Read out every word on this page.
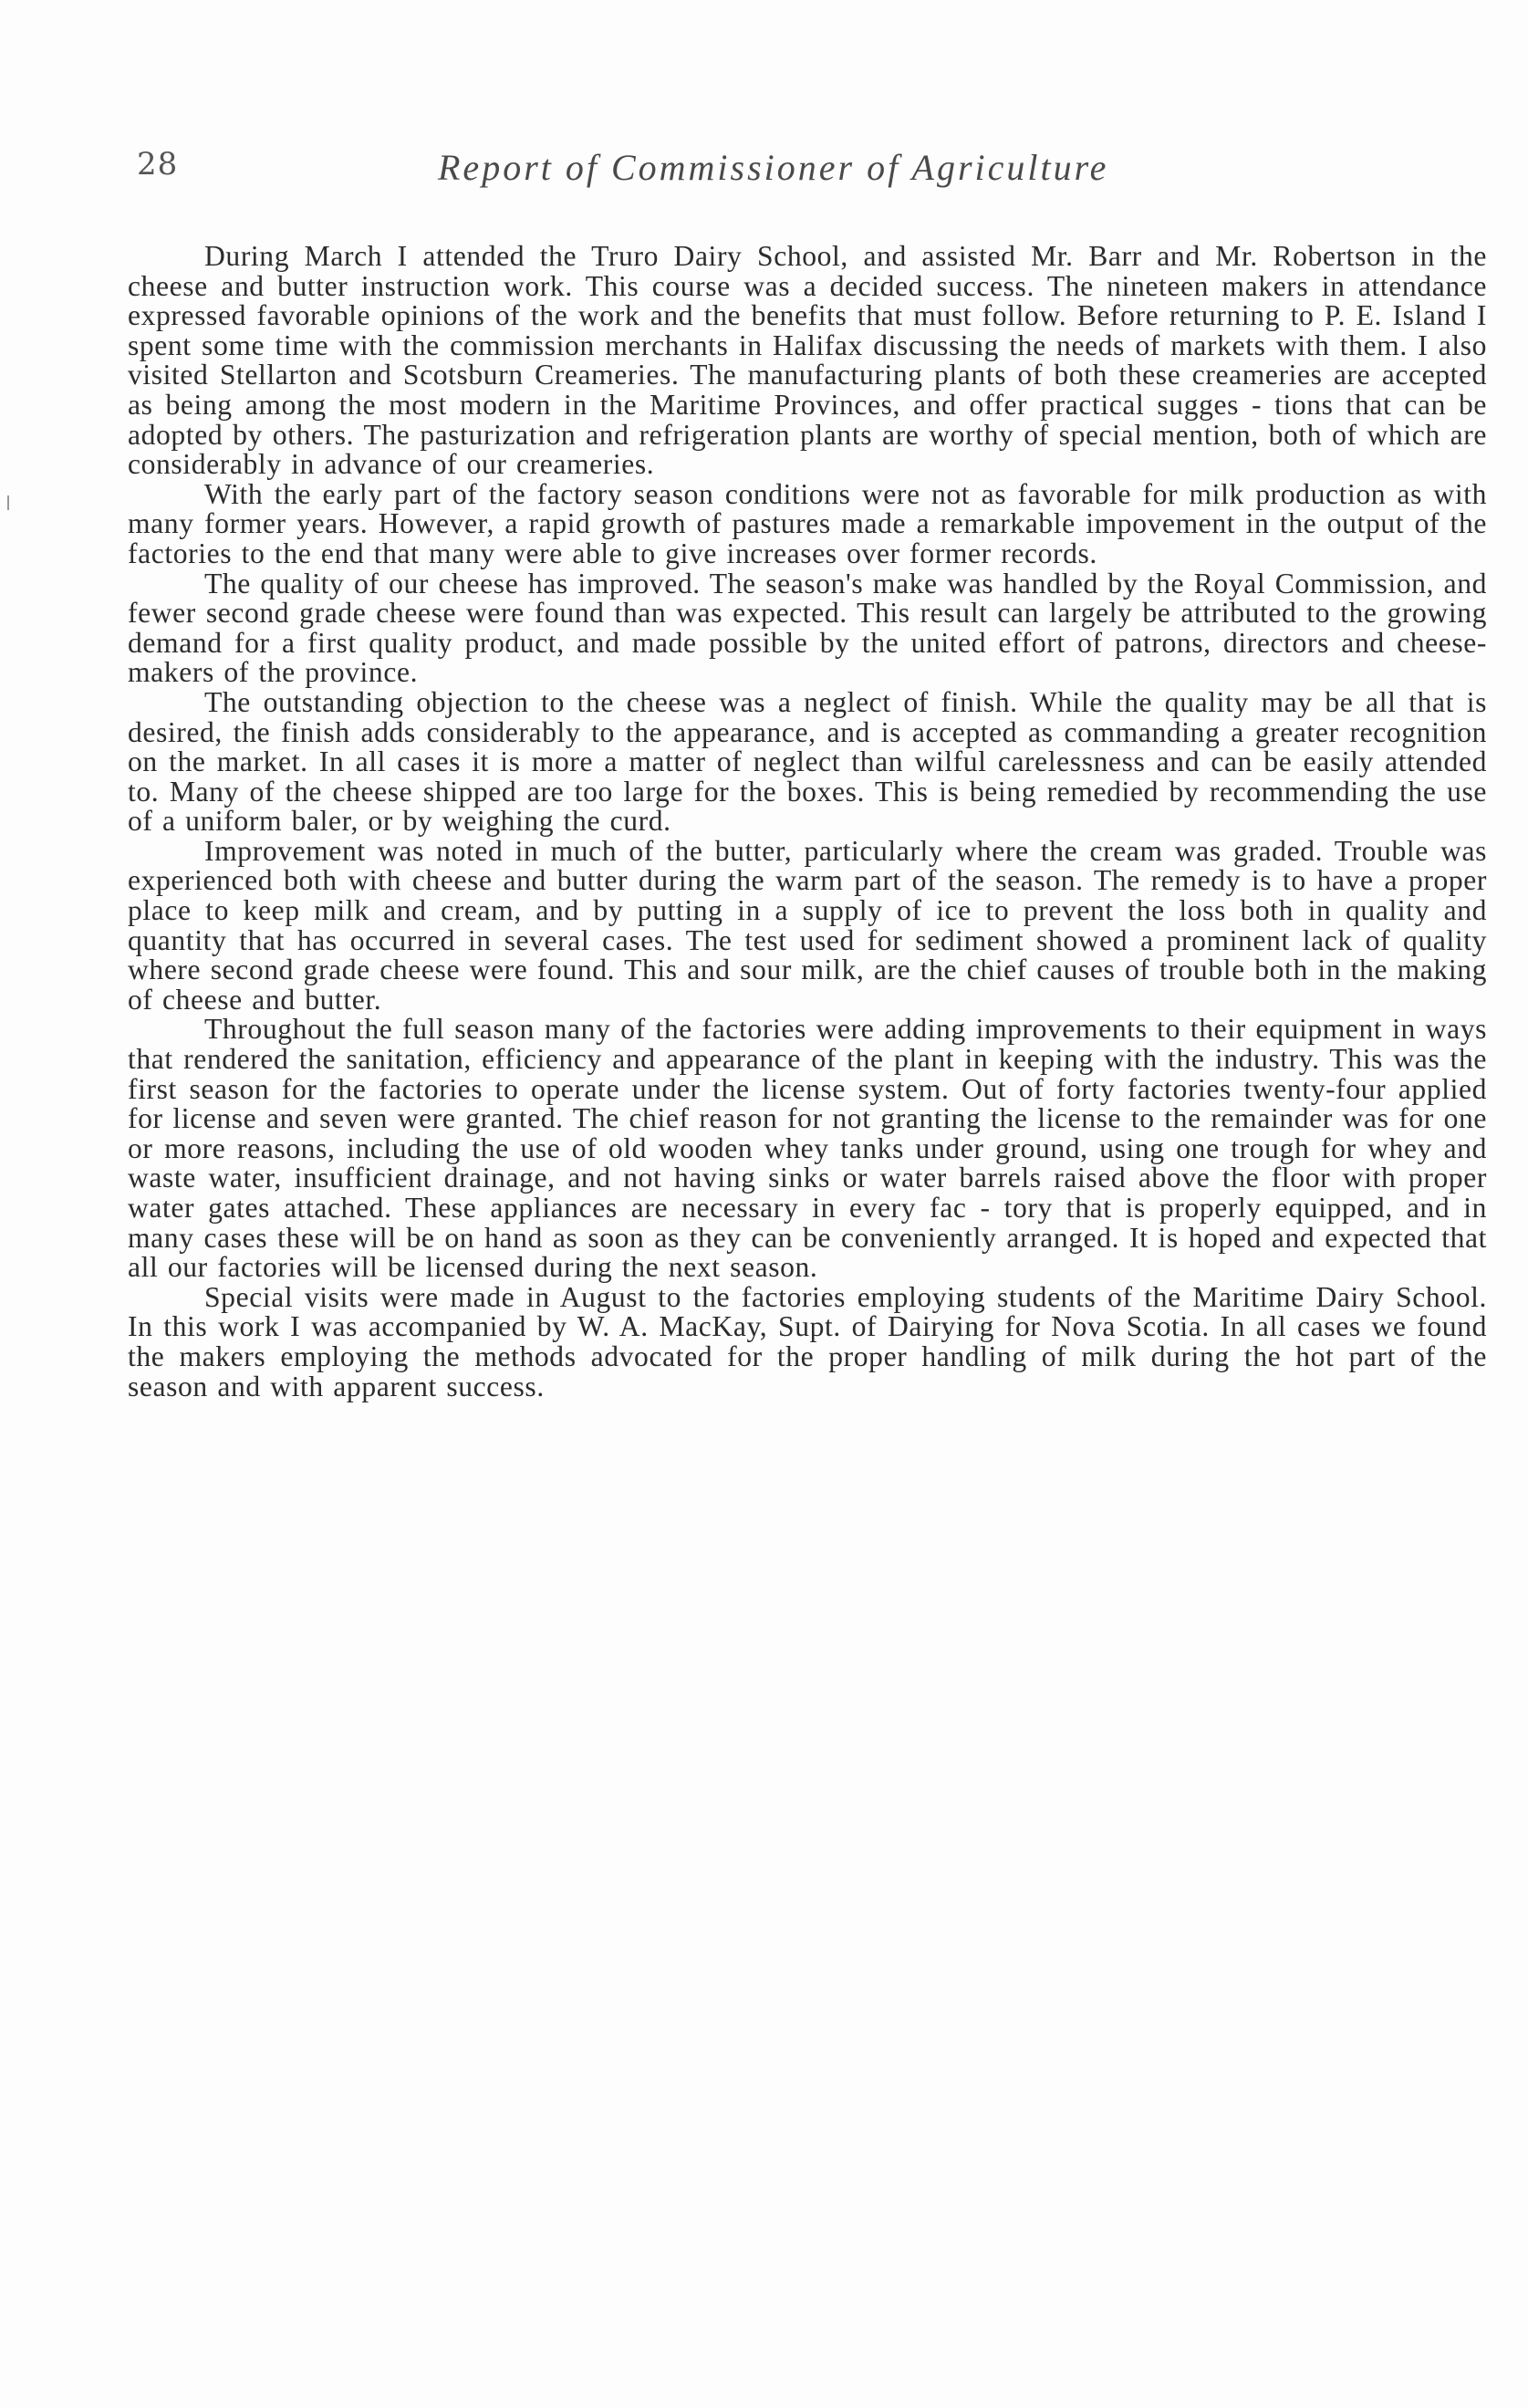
28	Report of Commissioner of Agriculture

During March I attended the Truro Dairy School, and assisted Mr. Barr and Mr. Robertson in the cheese and butter instruction work. This course was a decided success. The nineteen makers in attendance expressed favorable opinions of the work and the benefits that must follow. Before returning to P. E. Island I spent some time with the commission merchants in Halifax discussing the needs of markets with them. I also visited Stellarton and Scotsburn Creameries. The manufacturing plants of both these creameries are accepted as being among the most modern in the Maritime Provinces, and offer practical sugges - tions that can be adopted by others. The pasturization and refrigeration plants are worthy of special mention, both of which are considerably in advance of our creameries.

With the early part of the factory season conditions were not as favorable for milk production as with many former years. However, a rapid growth of pastures made a remarkable impovement in the output of the factories to the end that many were able to give increases over former records.

The quality of our cheese has improved. The season's make was handled by the Royal Commission, and fewer second grade cheese were found than was expected. This result can largely be attributed to the growing demand for a first quality product, and made possible by the united effort of patrons, directors and cheese-makers of the province.

The outstanding objection to the cheese was a neglect of finish. While the quality may be all that is desired, the finish adds considerably to the appearance, and is accepted as commanding a greater recognition on the market. In all cases it is more a matter of neglect than wilful carelessness and can be easily attended to. Many of the cheese shipped are too large for the boxes. This is being remedied by recommending the use of a uniform baler, or by weighing the curd.

Improvement was noted in much of the butter, particularly where the cream was graded. Trouble was experienced both with cheese and butter during the warm part of the season. The remedy is to have a proper place to keep milk and cream, and by putting in a supply of ice to prevent the loss both in quality and quantity that has occurred in several cases. The test used for sediment showed a prominent lack of quality where second grade cheese were found. This and sour milk, are the chief causes of trouble both in the making of cheese and butter.

Throughout the full season many of the factories were adding improvements to their equipment in ways that rendered the sanitation, efficiency and appearance of the plant in keeping with the industry. This was the first season for the factories to operate under the license system. Out of forty factories twenty-four applied for license and seven were granted. The chief reason for not granting the license to the remainder was for one or more reasons, including the use of old wooden whey tanks under ground, using one trough for whey and waste water, insufficient drainage, and not having sinks or water barrels raised above the floor with proper water gates attached. These appliances are necessary in every fac - tory that is properly equipped, and in many cases these will be on hand as soon as they can be conveniently arranged. It is hoped and expected that all our factories will be licensed during the next season.

Special visits were made in August to the factories employing students of the Maritime Dairy School. In this work I was accompanied by W. A. MacKay, Supt. of Dairying for Nova Scotia. In all cases we found the makers employing the methods advocated for the proper handling of milk during the hot part of the season and with apparent success.
